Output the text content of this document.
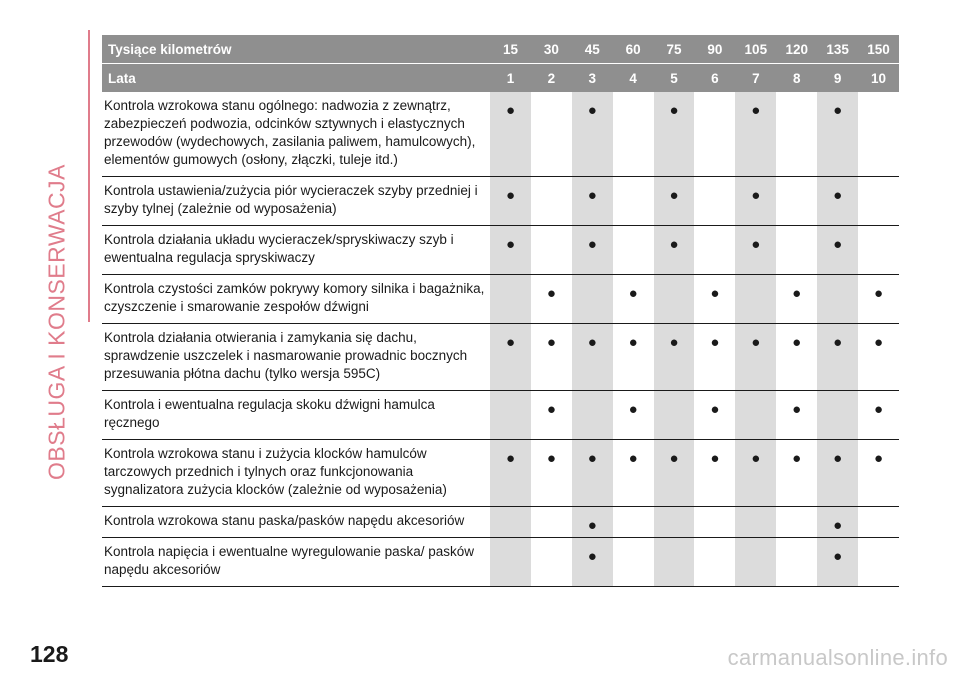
OBSŁUGA I KONSERWACJA
Tysiące kilometrów	15	30	45	60	75	90	105	120	135	150
Lata	1	2	3	4	5	6	7	8	9	10
Kontrola wzrokowa stanu ogólnego: nadwozia z zewnątrz, zabezpieczeń podwozia, odcinków sztywnych i elastycznych przewodów (wydechowych, zasilania paliwem, hamulcowych), elementów gumowych (osłony, złączki, tuleje itd.)	●		●		●		●		●	
Kontrola ustawienia/zużycia piór wycieraczek szyby przedniej i szyby tylnej (zależnie od wyposażenia)	●		●		●		●		●	
Kontrola działania układu wycieraczek/spryskiwaczy szyb i ewentualna regulacja spryskiwaczy	●		●		●		●		●	
Kontrola czystości zamków pokrywy komory silnika i bagażnika, czyszczenie i smarowanie zespołów dźwigni		●		●		●		●		●
Kontrola działania otwierania i zamykania się dachu, sprawdzenie uszczelek i nasmarowanie prowadnic bocznych przesuwania płótna dachu (tylko wersja 595C)	●	●	●	●	●	●	●	●	●	●
Kontrola i ewentualna regulacja skoku dźwigni hamulca ręcznego		●		●		●		●		●
Kontrola wzrokowa stanu i zużycia klocków hamulców tarczowych przednich i tylnych oraz funkcjonowania sygnalizatora zużycia klocków (zależnie od wyposażenia)	●	●	●	●	●	●	●	●	●	●
Kontrola wzrokowa stanu paska/pasków napędu akcesoriów			●						●	
Kontrola napięcia i ewentualne wyregulowanie paska/ pasków napędu akcesoriów			●						●	
128	carmanualsonline.info
